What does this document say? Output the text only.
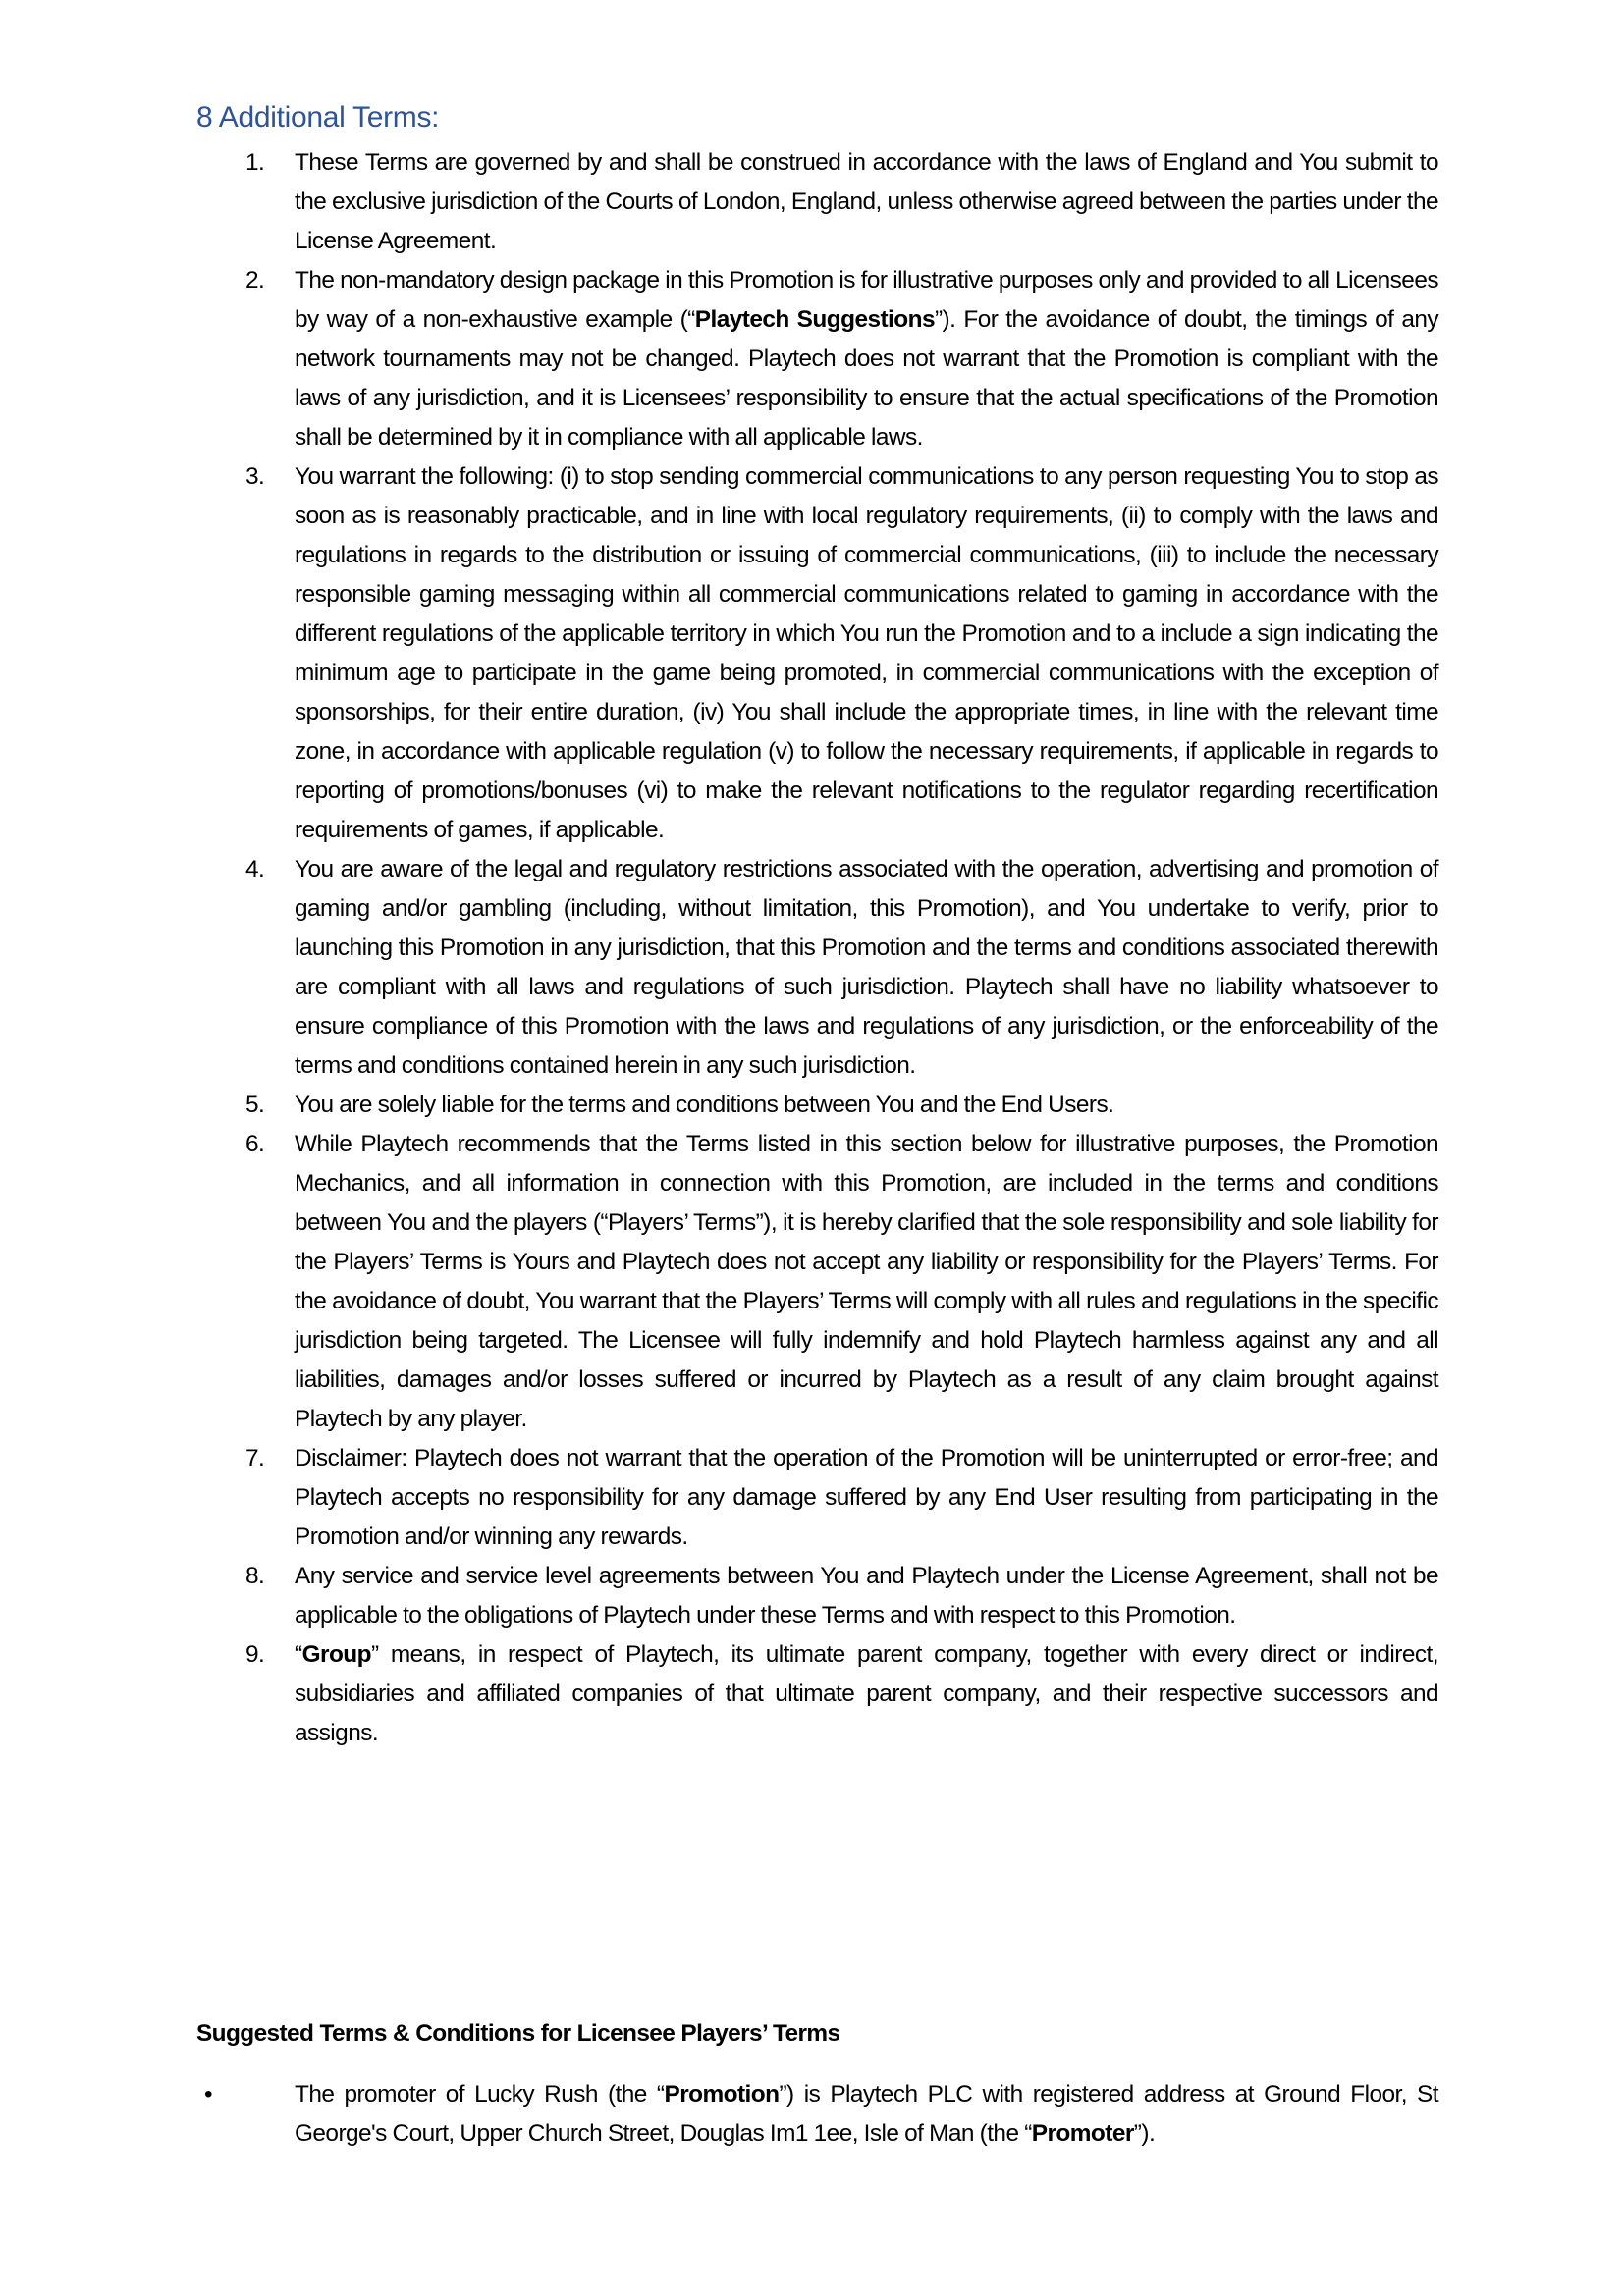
8 Additional Terms:
1.	These Terms are governed by and shall be construed in accordance with the laws of England and You submit to the exclusive jurisdiction of the Courts of London, England, unless otherwise agreed between the parties under the License Agreement.
2.	The non-mandatory design package in this Promotion is for illustrative purposes only and provided to all Licensees by way of a non-exhaustive example (“Playtech Suggestions”). For the avoidance of doubt, the timings of any network tournaments may not be changed. Playtech does not warrant that the Promotion is compliant with the laws of any jurisdiction, and it is Licensees’ responsibility to ensure that the actual specifications of the Promotion shall be determined by it in compliance with all applicable laws.
3.	You warrant the following: (i) to stop sending commercial communications to any person requesting You to stop as soon as is reasonably practicable, and in line with local regulatory requirements, (ii) to comply with the laws and regulations in regards to the distribution or issuing of commercial communications, (iii) to include the necessary responsible gaming messaging within all commercial communications related to gaming in accordance with the different regulations of the applicable territory in which You run the Promotion and to a include a sign indicating the minimum age to participate in the game being promoted, in commercial communications with the exception of sponsorships, for their entire duration, (iv) You shall include the appropriate times, in line with the relevant time zone, in accordance with applicable regulation (v) to follow the necessary requirements, if applicable in regards to reporting of promotions/bonuses (vi) to make the relevant notifications to the regulator regarding recertification requirements of games, if applicable.
4.	You are aware of the legal and regulatory restrictions associated with the operation, advertising and promotion of gaming and/or gambling (including, without limitation, this Promotion), and You undertake to verify, prior to launching this Promotion in any jurisdiction, that this Promotion and the terms and conditions associated therewith are compliant with all laws and regulations of such jurisdiction. Playtech shall have no liability whatsoever to ensure compliance of this Promotion with the laws and regulations of any jurisdiction, or the enforceability of the terms and conditions contained herein in any such jurisdiction.
5.	You are solely liable for the terms and conditions between You and the End Users.
6.	While Playtech recommends that the Terms listed in this section below for illustrative purposes, the Promotion Mechanics, and all information in connection with this Promotion, are included in the terms and conditions between You and the players (“Players’ Terms”), it is hereby clarified that the sole responsibility and sole liability for the Players’ Terms is Yours and Playtech does not accept any liability or responsibility for the Players’ Terms. For the avoidance of doubt, You warrant that the Players’ Terms will comply with all rules and regulations in the specific jurisdiction being targeted. The Licensee will fully indemnify and hold Playtech harmless against any and all liabilities, damages and/or losses suffered or incurred by Playtech as a result of any claim brought against Playtech by any player.
7.	Disclaimer: Playtech does not warrant that the operation of the Promotion will be uninterrupted or error-free; and Playtech accepts no responsibility for any damage suffered by any End User resulting from participating in the Promotion and/or winning any rewards.
8.	Any service and service level agreements between You and Playtech under the License Agreement, shall not be applicable to the obligations of Playtech under these Terms and with respect to this Promotion.
9.	“Group” means, in respect of Playtech, its ultimate parent company, together with every direct or indirect, subsidiaries and affiliated companies of that ultimate parent company, and their respective successors and assigns.
Suggested Terms & Conditions for Licensee Players’ Terms
•	The promoter of Lucky Rush (the “Promotion”) is Playtech PLC with registered address at Ground Floor, St George's Court, Upper Church Street, Douglas Im1 1ee, Isle of Man (the “Promoter”).
